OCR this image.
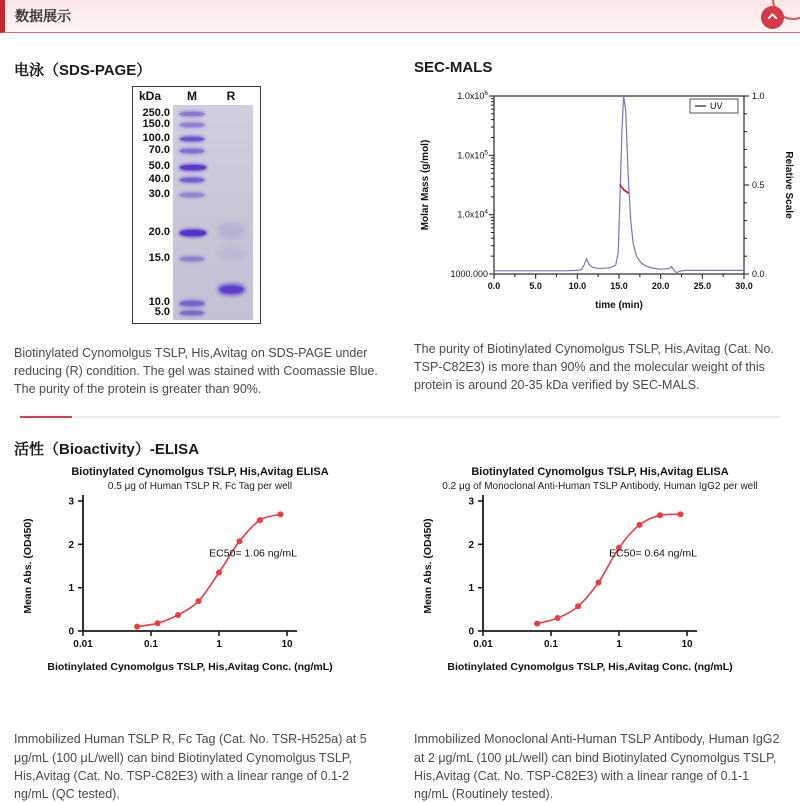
数据展示
电泳（SDS-PAGE）
kDa	M	R
250.0
150.0
100.0
70.0
50.0
40.0
30.0
20.0
15.0
10.0
5.0

Biotinylated Cynomolgus TSLP, His,Avitag on SDS-PAGE under reducing (R) condition. The gel was stained with Coomassie Blue. The purity of the protein is greater than 90%.

SEC-MALS
0.0	5.0	10.0	15.0	20.0	25.0	30.0
time (min)
$1.0x10^6$
$1.0x10^5$
$1.0x10^4$
1000.000
Molar Mass (g/mol)
0.0
0.5
1.0
Relative Scale
UV

The purity of Biotinylated Cynomolgus TSLP, His,Avitag (Cat. No. TSP-C82E3) is more than 90% and the molecular weight of this protein is around 20-35 kDa verified by SEC-MALS.

活性（Bioactivity）-ELISA
Biotinylated Cynomolgus TSLP, His,Avitag ELISA
0.5 μg of Human TSLP R, Fc Tag per well
0
1
2
3
0.01	0.1	1	10
Biotinylated Cynomolgus TSLP, His,Avitag Conc. (ng/mL)
Mean Abs. (OD450)	EC50= 1.06 ng/mL

Immobilized Human TSLP R, Fc Tag (Cat. No. TSR-H525a) at 5 μg/mL (100 μL/well) can bind Biotinylated Cynomolgus TSLP, His,Avitag (Cat. No. TSP-C82E3) with a linear range of 0.1-2 ng/mL (QC tested).

Biotinylated Cynomolgus TSLP, His,Avitag ELISA
0.2 μg of Monoclonal Anti-Human TSLP Antibody, Human IgG2 per well
0
1
2
3
0.01	0.1	1	10
Biotinylated Cynomolgus TSLP, His,Avitag Conc. (ng/mL)
Mean Abs. (OD450)	EC50= 0.64 ng/mL

Immobilized Monoclonal Anti-Human TSLP Antibody, Human IgG2 at 2 μg/mL (100 μL/well) can bind Biotinylated Cynomolgus TSLP, His,Avitag (Cat. No. TSP-C82E3) with a linear range of 0.1-1 ng/mL (Routinely tested).
